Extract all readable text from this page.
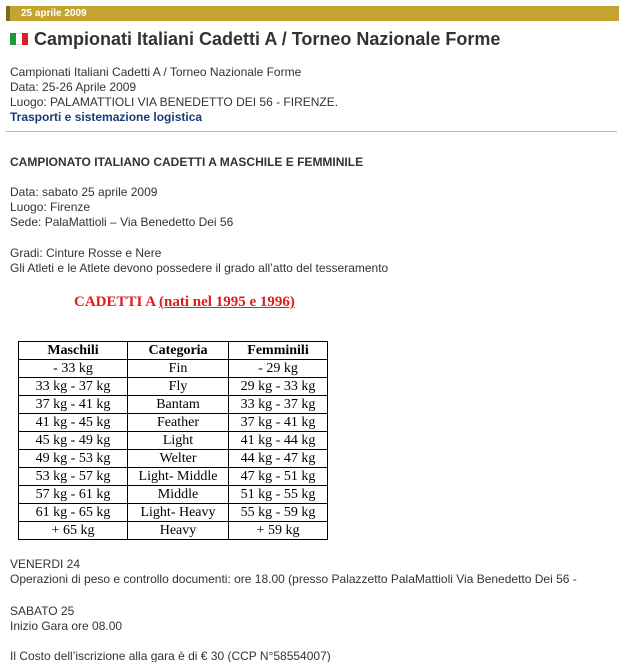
25 aprile 2009
Campionati Italiani Cadetti A / Torneo Nazionale Forme
Campionati Italiani Cadetti A / Torneo Nazionale Forme
Data: 25-26 Aprile 2009
Luogo: PALAMATTIOLI VIA BENEDETTO DEI 56 - FIRENZE.
Trasporti e sistemazione logistica
CAMPIONATO ITALIANO CADETTI A MASCHILE E FEMMINILE
Data: sabato 25 aprile 2009
Luogo: Firenze
Sede: PalaMattioli – Via Benedetto Dei 56
Gradi: Cinture Rosse e Nere
Gli Atleti e le Atlete devono possedere il grado all’atto del tesseramento
CADETTI A (nati nel 1995 e 1996)
Maschili	Categoria	Femminili
- 33 kg	Fin	- 29 kg
33 kg - 37 kg	Fly	29 kg - 33 kg
37 kg - 41 kg	Bantam	33 kg - 37 kg
41 kg - 45 kg	Feather	37 kg - 41 kg
45 kg - 49 kg	Light	41 kg - 44 kg
49 kg - 53 kg	Welter	44 kg - 47 kg
53 kg - 57 kg	Light- Middle	47 kg - 51 kg
57 kg - 61 kg	Middle	51 kg - 55 kg
61 kg - 65 kg	Light- Heavy	55 kg - 59 kg
+ 65 kg	Heavy	+ 59 kg
VENERDI 24
Operazioni di peso e controllo documenti: ore 18.00 (presso Palazzetto PalaMattioli Via Benedetto Dei 56 -
SABATO 25
Inizio Gara ore 08.00
Il Costo dell’iscrizione alla gara è di € 30 (CCP N°58554007)
